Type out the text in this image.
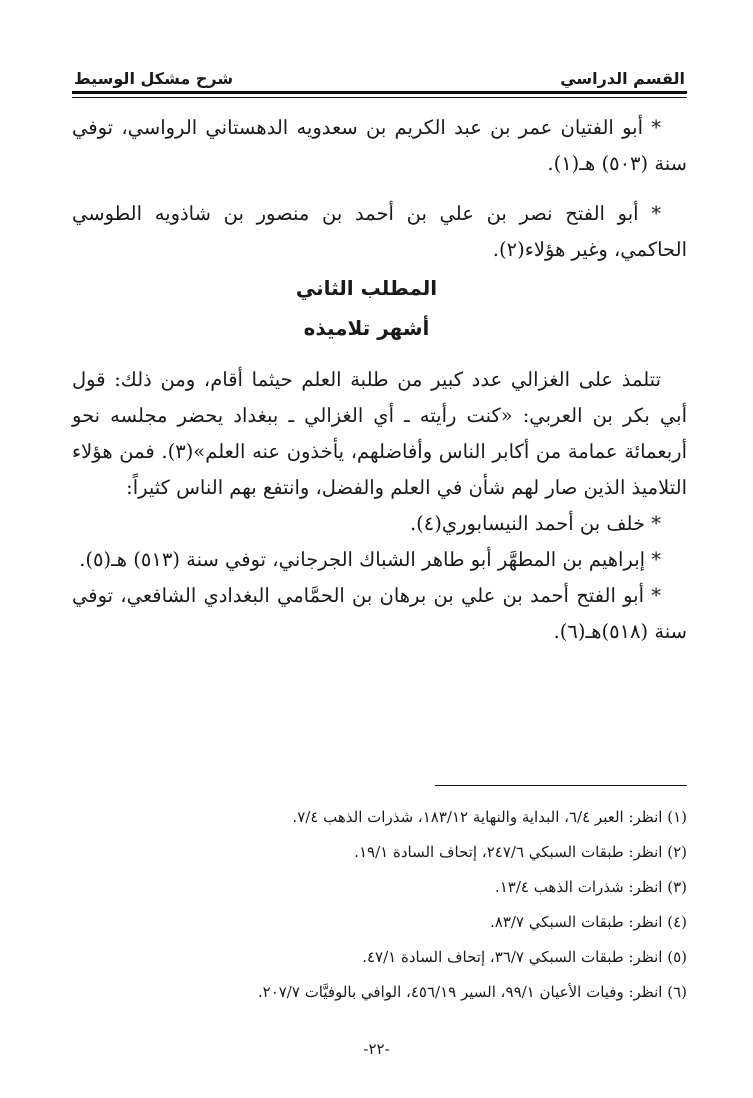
القسم الدراسي
شرح مشكل الوسيط

* أبو الفتيان عمر بن عبد الكريم بن سعدويه الدهستاني الرواسي، توفي سنة (٥٠٣) هـ(١).

* أبو الفتح نصر بن علي بن أحمد بن منصور بن شاذويه الطوسي الحاكمي، وغير هؤلاء(٢).

المطلب الثاني

أشهر تلاميذه

تتلمذ على الغزالي عدد كبير من طلبة العلم حيثما أقام، ومن ذلك: قول أبي بكر بن العربي: «كنت رأيته ـ أي الغزالي ـ ببغداد يحضر مجلسه نحو أربعمائة عمامة من أكابر الناس وأفاضلهم، يأخذون عنه العلم»(٣). فمن هؤلاء التلاميذ الذين صار لهم شأن في العلم والفضل، وانتفع بهم الناس كثيراً:

* خلف بن أحمد النيسابوري(٤).

* إبراهيم بن المطهَّر أبو طاهر الشباك الجرجاني، توفي سنة (٥١٣) هـ(٥).

* أبو الفتح أحمد بن علي بن برهان بن الحمَّامي البغدادي الشافعي، توفي سنة (٥١٨)هـ(٦).

(١) انظر: العبر ٦/٤، البداية والنهاية ١٨٣/١٢، شذرات الذهب ٧/٤.
(٢) انظر: طبقات السبكي ٢٤٧/٦، إتحاف السادة ١٩/١.
(٣) انظر: شذرات الذهب ١٣/٤.
(٤) انظر: طبقات السبكي ٨٣/٧.
(٥) انظر: طبقات السبكي ٣٦/٧، إتحاف السادة ٤٧/١.
(٦) انظر: وفيات الأعيان ٩٩/١، السير ٤٥٦/١٩، الوافي بالوفيَّات ٢٠٧/٧.
-٢٢-
